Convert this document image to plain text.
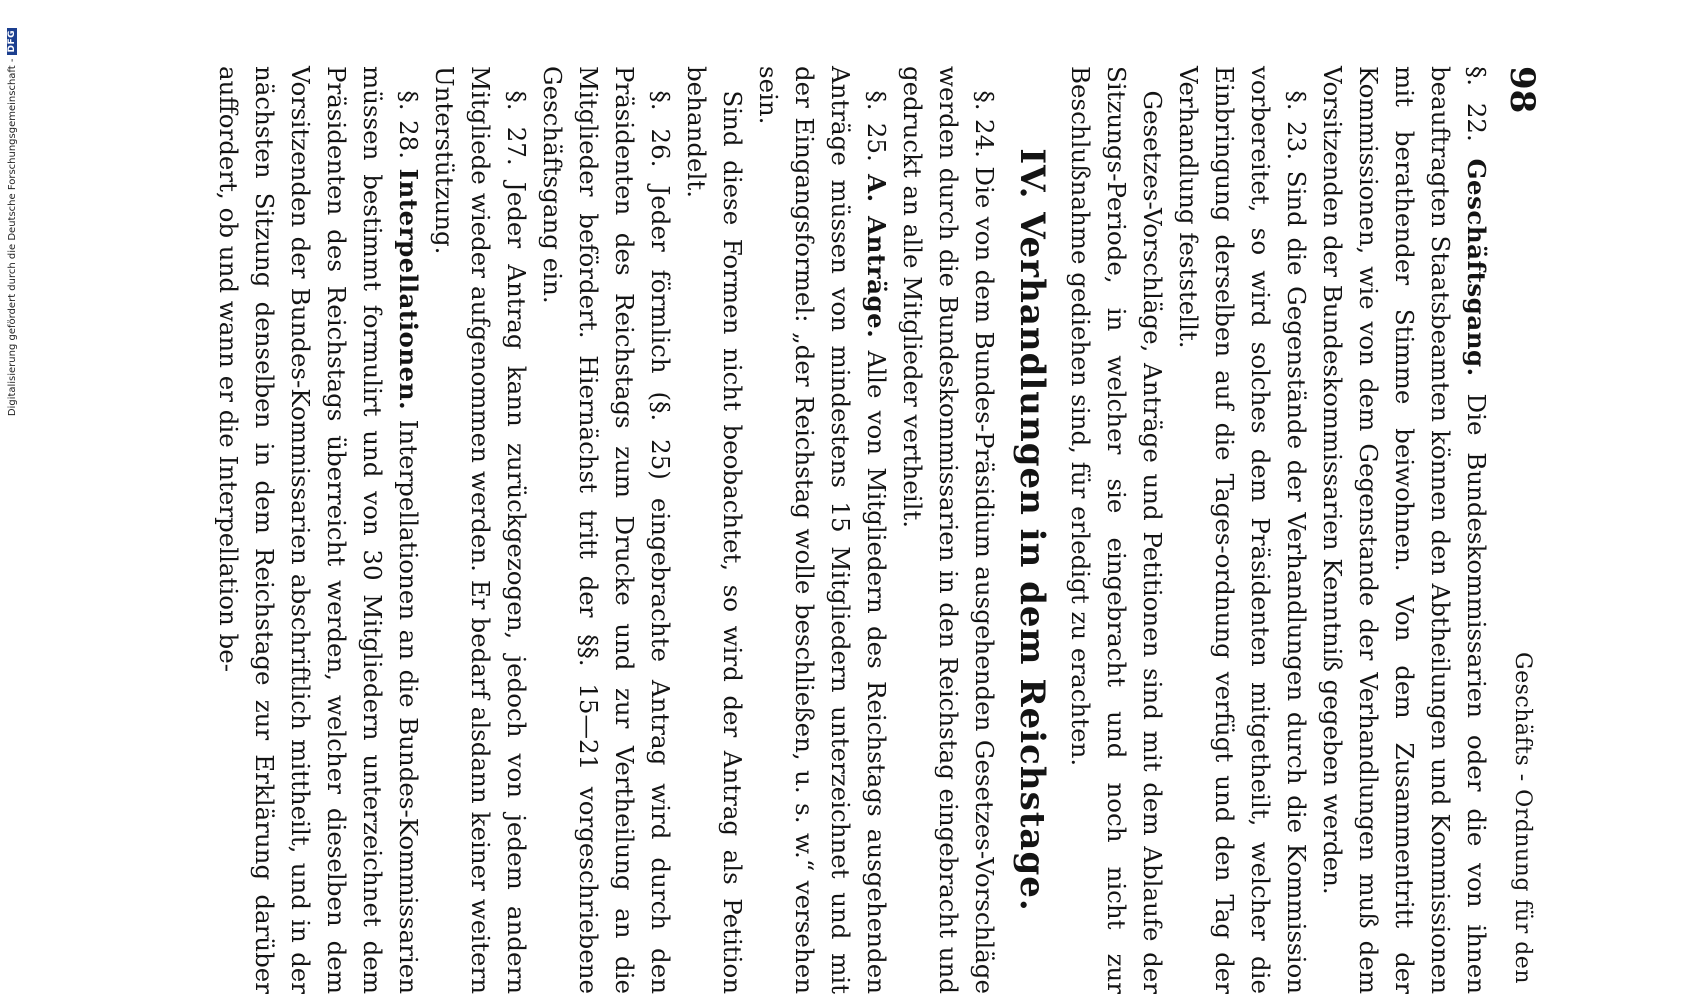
Digitalisierung gefördert durch die Deutsche Forschungsgemeinschaft -
DFG
98
Geschäfts - Ordnung für den

§. 22. Geschäftsgang. Die Bundeskommissarien oder die von ihnen beauftragten Staatsbeamten können den Abtheilungen und Kommissionen mit berathender Stimme beiwohnen. Von dem Zusammentritt der Kommissionen, wie von dem Gegenstande der Verhandlungen muß dem Vorsitzenden der Bundeskommissarien Kenntniß gegeben werden.

 §. 23. Sind die Gegenstände der Verhandlungen durch die Kommission vorbereitet, so wird solches dem Präsidenten mitgetheilt, welcher die Einbringung derselben auf die Tages-ordnung verfügt und den Tag der Verhandlung feststellt.

 Gesetzes-Vorschläge, Anträge und Petitionen sind mit dem Ablaufe der Sitzungs-Periode, in welcher sie eingebracht und noch nicht zur Beschlußnahme gediehen sind, für erledigt zu erachten.

IV. Verhandlungen in dem Reichstage.

 §. 24. Die von dem Bundes-Präsidium ausgehenden Gesetzes-Vorschläge werden durch die Bundeskommissarien in den Reichstag eingebracht und gedruckt an alle Mitglieder vertheilt.

 §. 25. A. Anträge. Alle von Mitgliedern des Reichstags ausgehenden Anträge müssen von mindestens 15 Mitgliedern unterzeichnet und mit der Eingangsformel: „der Reichstag wolle beschließen, u. s. w.“ versehen sein.

 Sind diese Formen nicht beobachtet, so wird der Antrag als Petition behandelt.

 §. 26. Jeder förmlich (§. 25) eingebrachte Antrag wird durch den Präsidenten des Reichstags zum Drucke und zur Vertheilung an die Mitglieder befördert. Hiernächst tritt der §§. 15—21 vorgeschriebene Geschäftsgang ein.

 §. 27. Jeder Antrag kann zurückgezogen, jedoch von jedem andern Mitgliede wieder aufgenommen werden. Er bedarf alsdann keiner weitern Unterstützung.

 §. 28. Interpellationen. Interpellationen an die Bundes-Kommissarien müssen bestimmt formulirt und von 30 Mitgliedern unterzeichnet dem Präsidenten des Reichstags überreicht werden, welcher dieselben dem Vorsitzenden der Bundes-Kommissarien abschriftlich mittheilt, und in der nächsten Sitzung denselben in dem Reichstage zur Erklärung darüber auffordert, ob und wann er die Interpellation be-
